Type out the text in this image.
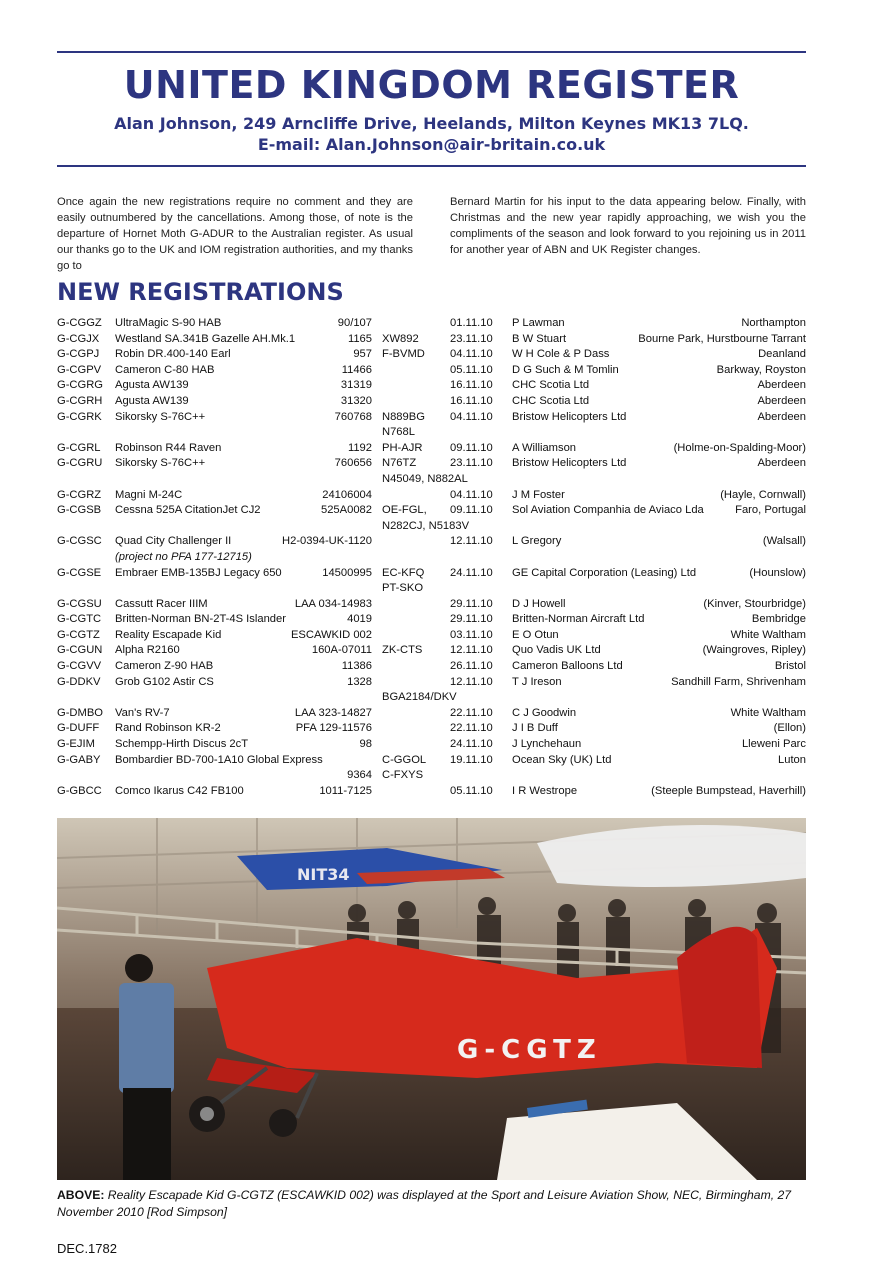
UNITED KINGDOM REGISTER
Alan Johnson, 249 Arncliffe Drive, Heelands, Milton Keynes MK13 7LQ.
E-mail: Alan.Johnson@air-britain.co.uk
Once again the new registrations require no comment and they are easily outnumbered by the cancellations. Among those, of note is the departure of Hornet Moth G-ADUR to the Australian register. As usual our thanks go to the UK and IOM registration authorities, and my thanks go to
Bernard Martin for his input to the data appearing below. Finally, with Christmas and the new year rapidly approaching, we wish you the compliments of the season and look forward to you rejoining us in 2011 for another year of ABN and UK Register changes.
NEW REGISTRATIONS
G-CGGZ UltraMagic S-90 HAB	90/107	01.11.10 P Lawman	Northampton
G-CGJX Westland SA.341B Gazelle AH.Mk.1	1165 XW892	23.11.10 B W Stuart	Bourne Park, Hurstbourne Tarrant
G-CGPJ Robin DR.400-140 Earl	957 F-BVMD 04.11.10 W H Cole & P Dass	Deanland
G-CGPV Cameron C-80 HAB	11466	05.11.10 D G Such & M Tomlin	Barkway, Royston
G-CGRG Agusta AW139	31319	16.11.10 CHC Scotia Ltd	Aberdeen
G-CGRH Agusta AW139	31320	16.11.10 CHC Scotia Ltd	Aberdeen
G-CGRK Sikorsky S-76C++	760768 N889BG 04.11.10 Bristow Helicopters Ltd	Aberdeen
N768L
G-CGRL Robinson R44 Raven	1192 PH-AJR 09.11.10 A Williamson	(Holme-on-Spalding-Moor)
G-CGRU Sikorsky S-76C++	760656 N76TZ	23.11.10 Bristow Helicopters Ltd	Aberdeen
N45049, N882AL
G-CGRZ Magni M-24C	24106004	04.11.10 J M Foster	(Hayle, Cornwall)
G-CGSB Cessna 525A CitationJet CJ2	525A0082 OE-FGL, 09.11.10 Sol Aviation Companhia de Aviaco Lda	Faro, Portugal
N282CJ, N5183V
G-CGSC Quad City Challenger II	H2-0394-UK-1120	12.11.10 L Gregory	(Walsall)
(project no PFA 177-12715)
G-CGSE Embraer EMB-135BJ Legacy 650	14500995 EC-KFQ 24.11.10 GE Capital Corporation (Leasing) Ltd	(Hounslow)
PT-SKO
G-CGSU Cassutt Racer IIIM	LAA 034-14983	29.11.10 D J Howell	(Kinver, Stourbridge)
G-CGTC Britten-Norman BN-2T-4S Islander	4019	29.11.10 Britten-Norman Aircraft Ltd	Bembridge
G-CGTZ Reality Escapade Kid	ESCAWKID 002	03.11.10 E O Otun	White Waltham
G-CGUN Alpha R2160	160A-07011 ZK-CTS 12.11.10 Quo Vadis UK Ltd	(Waingroves, Ripley)
G-CGVV Cameron Z-90 HAB	11386	26.11.10 Cameron Balloons Ltd	Bristol
G-DDKV Grob G102 Astir CS	1328	12.11.10 T J Ireson	Sandhill Farm, Shrivenham
BGA2184/DKV
G-DMBO Van's RV-7	LAA 323-14827	22.11.10 C J Goodwin	White Waltham
G-DUFF Rand Robinson KR-2	PFA 129-11576	22.11.10 J I B Duff	(Ellon)
G-EJIM Schempp-Hirth Discus 2cT	98	24.11.10 J Lynchehaun	Lleweni Parc
G-GABY Bombardier BD-700-1A10 Global Express	C-GGOL 19.11.10 Ocean Sky (UK) Ltd	Luton
9364 C-FXYS
G-GBCC Comco Ikarus C42 FB100	1011-7125	05.11.10 I R Westrope	(Steeple Bumpstead, Haverhill)
NIT34
G-CGTZ
ABOVE: Reality Escapade Kid G-CGTZ (ESCAWKID 002) was displayed at the Sport and Leisure Aviation Show, NEC, Birmingham, 27 November 2010 [Rod Simpson]
DEC.1782
